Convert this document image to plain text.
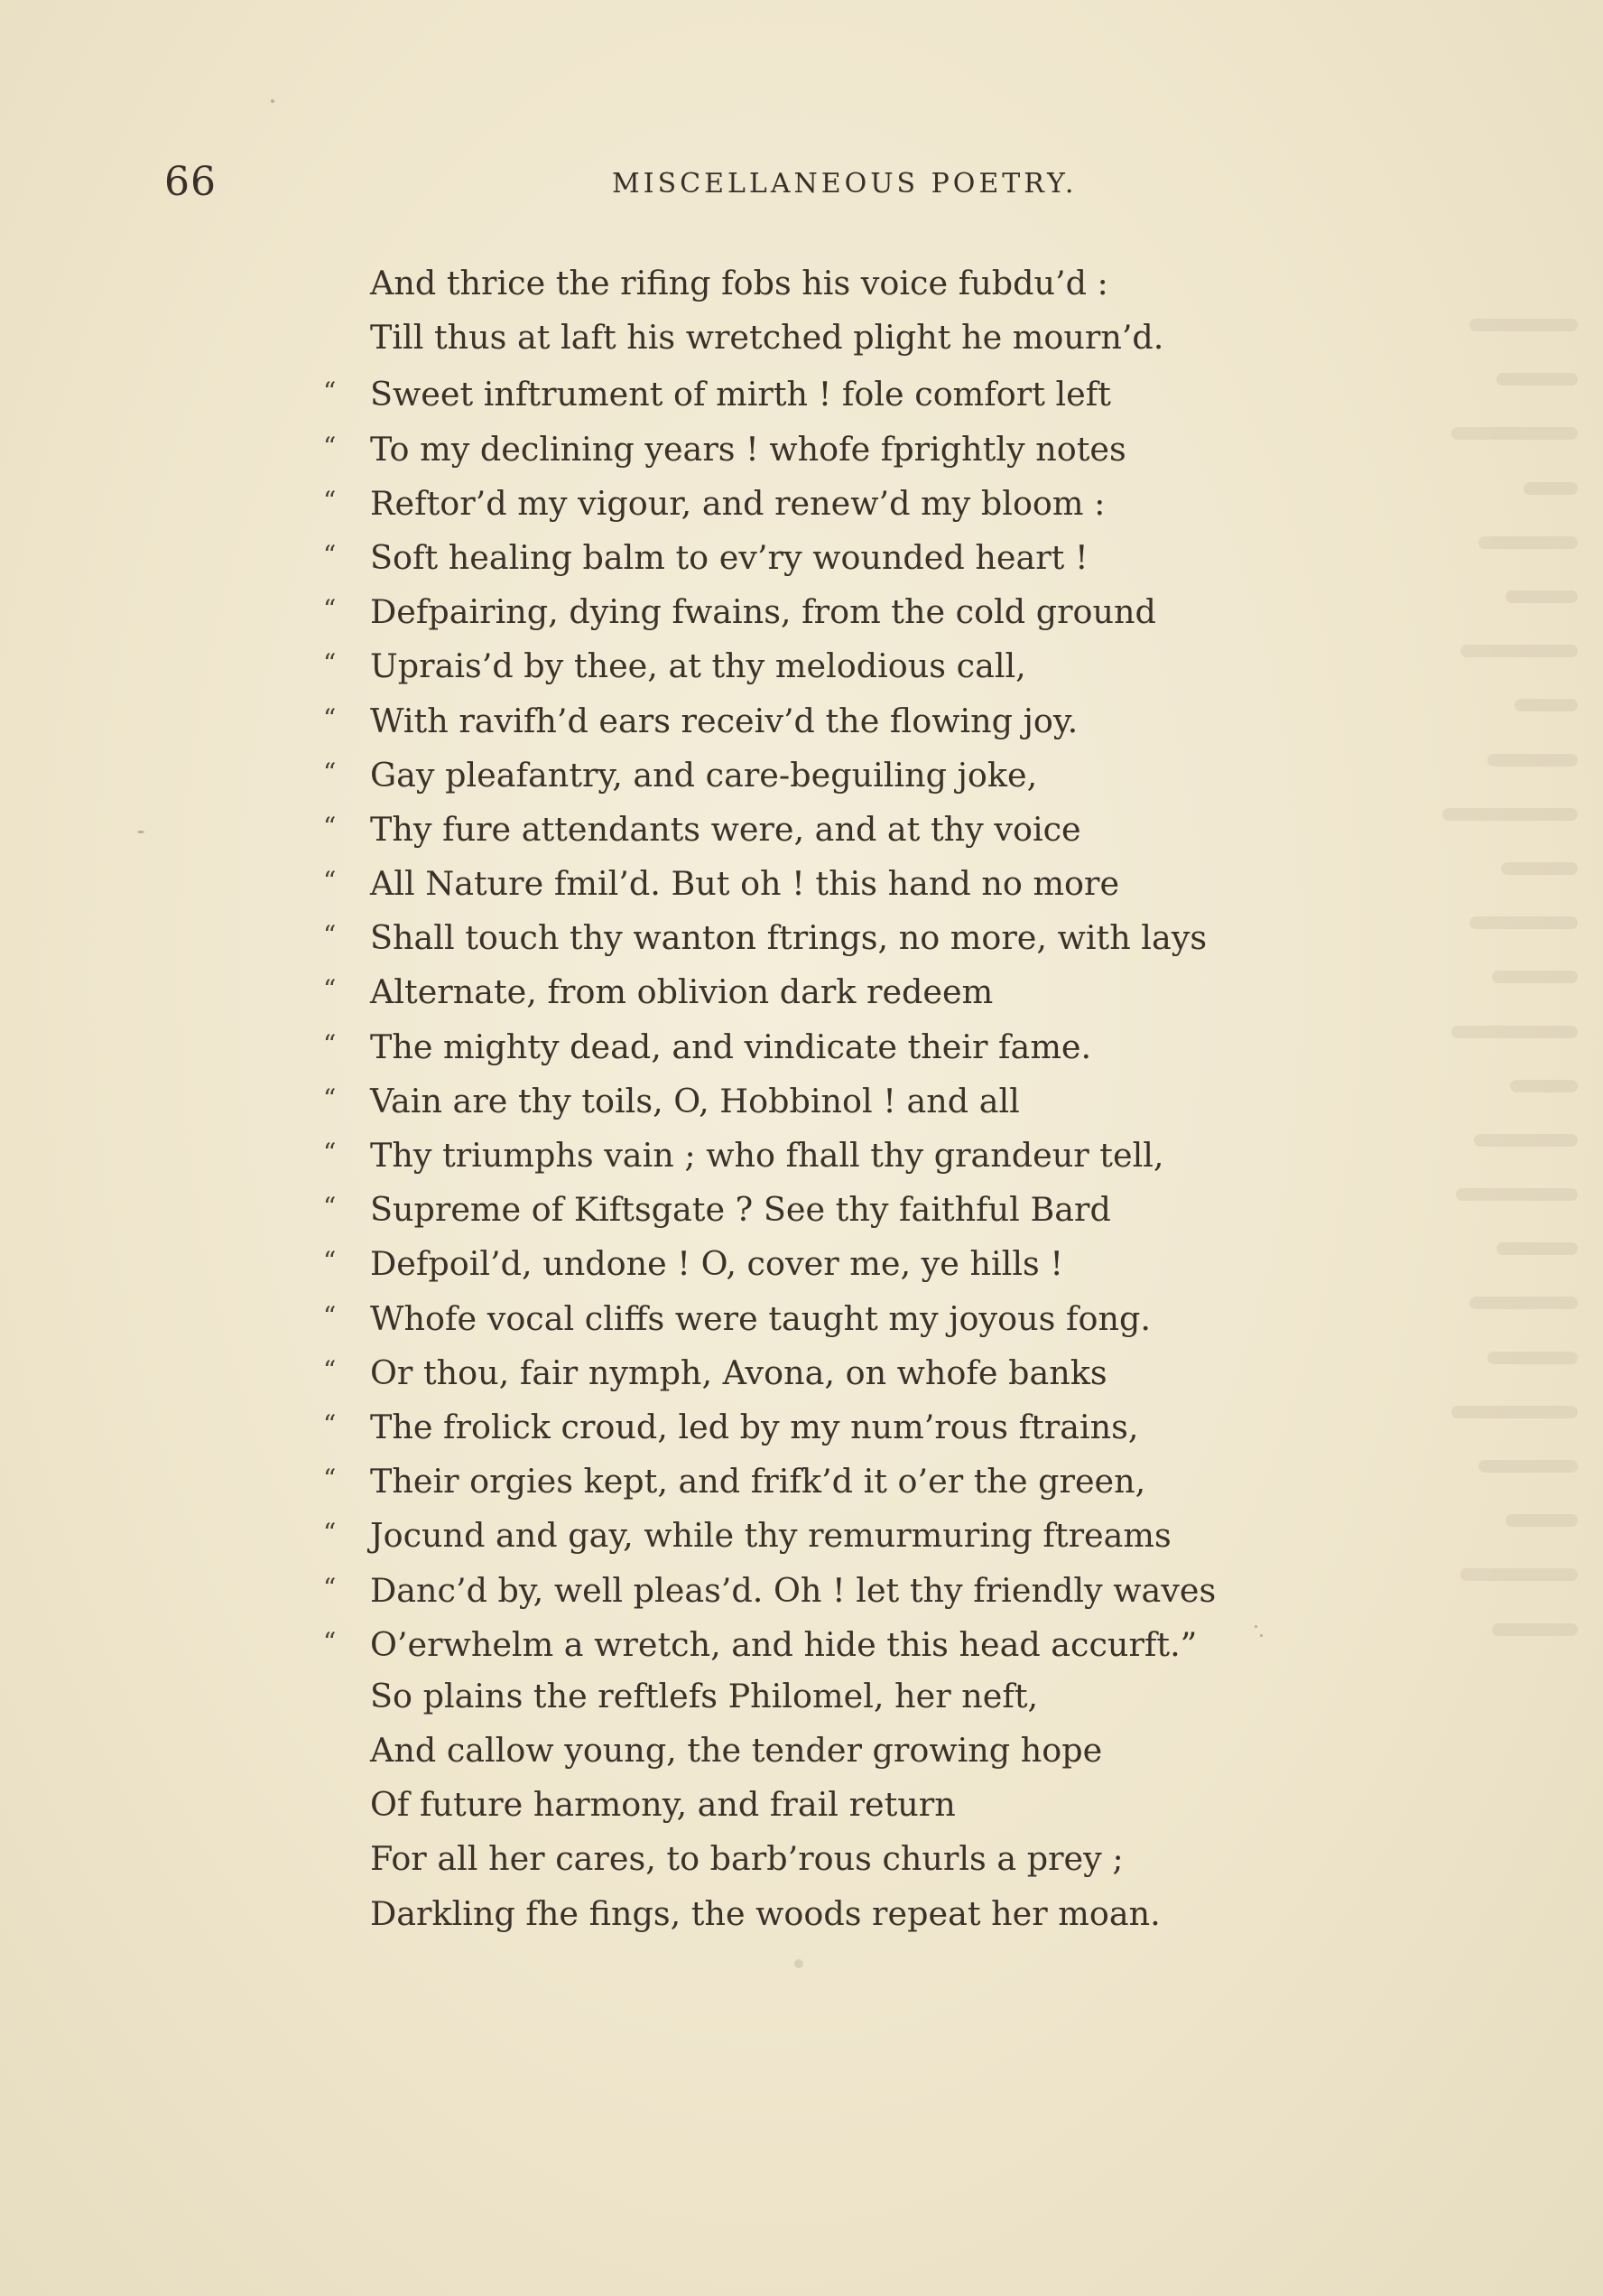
66	MISCELLANEOUS POETRY.
And thrice the rifing fobs his voice fubdu’d :
Till thus at laft his wretched plight he mourn’d.
“ Sweet inftrument of mirth ! fole comfort left
“ To my declining years ! whofe fprightly notes
“ Reftor’d my vigour, and renew’d my bloom :
“ Soft healing balm to ev’ry wounded heart !
“ Defpairing, dying fwains, from the cold ground
“ Uprais’d by thee, at thy melodious call,
“ With ravifh’d ears receiv’d the flowing joy.
“ Gay pleafantry, and care-beguiling joke,
“ Thy fure attendants were, and at thy voice
“ All Nature fmil’d. But oh ! this hand no more
“ Shall touch thy wanton ftrings, no more, with lays
“ Alternate, from oblivion dark redeem
“ The mighty dead, and vindicate their fame.
“ Vain are thy toils, O, Hobbinol ! and all
“ Thy triumphs vain ; who fhall thy grandeur tell,
“ Supreme of Kiftsgate ? See thy faithful Bard
“ Defpoil’d, undone ! O, cover me, ye hills !
“ Whofe vocal cliffs were taught my joyous fong.
“ Or thou, fair nymph, Avona, on whofe banks
“ The frolick croud, led by my num’rous ftrains,
“ Their orgies kept, and frifk’d it o’er the green,
“ Jocund and gay, while thy remurmuring ftreams
“ Danc’d by, well pleas’d. Oh ! let thy friendly waves
“ O’erwhelm a wretch, and hide this head accurft.”
So plains the reftlefs Philomel, her neft,
And callow young, the tender growing hope
Of future harmony, and frail return
For all her cares, to barb’rous churls a prey ;
Darkling fhe fings, the woods repeat her moan.
